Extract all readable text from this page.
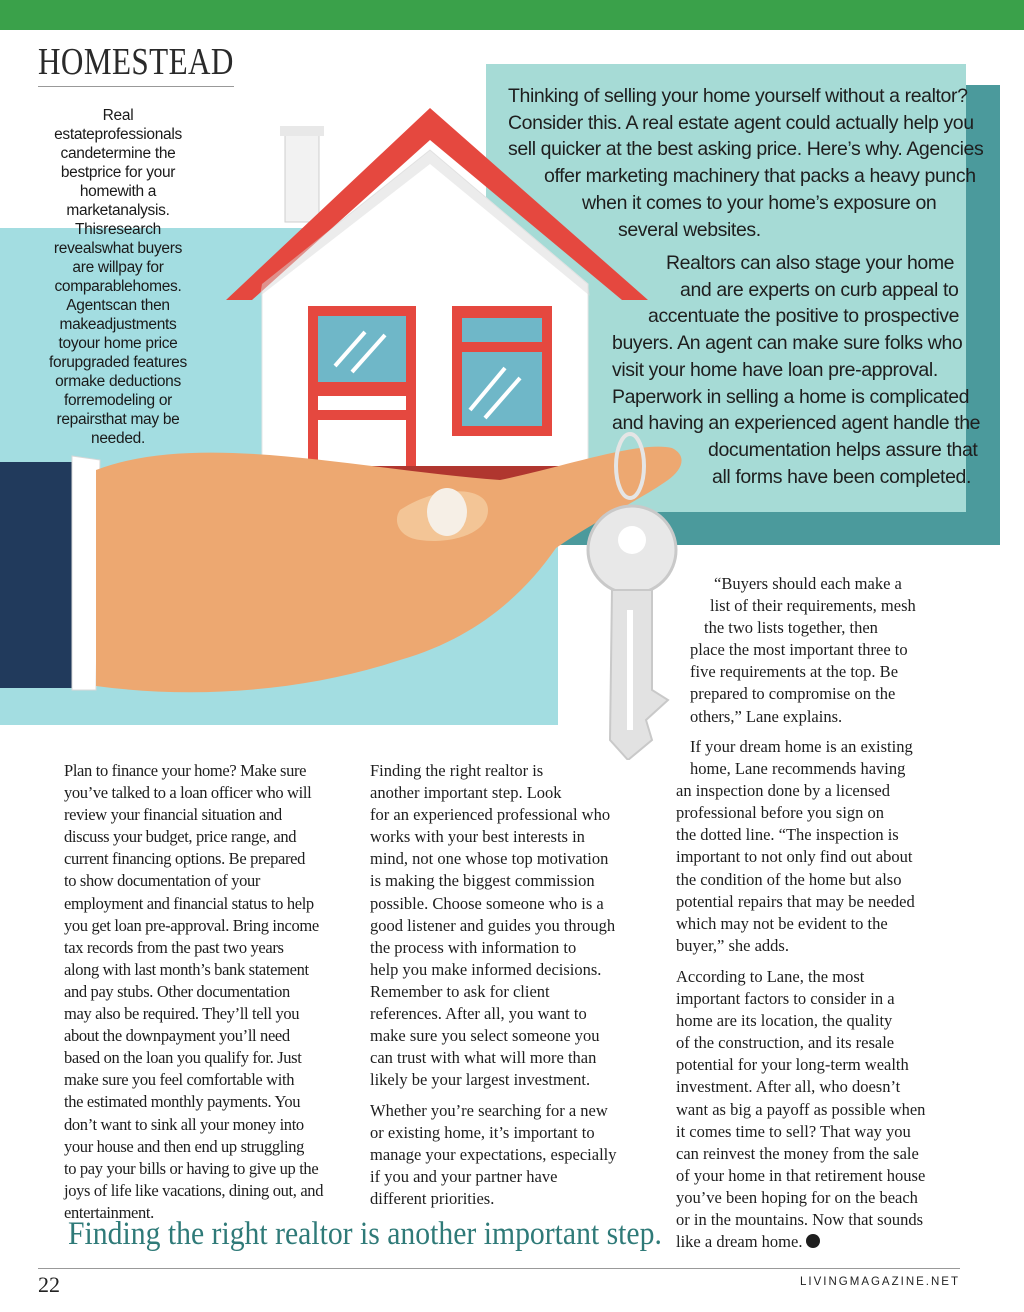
HOMESTEAD
Real estateprofessionals candetermine the bestprice for your homewith a marketanalysis. Thisresearch revealswhat buyers are willpay for comparablehomes. Agentscan then makeadjustments toyour home price forupgraded features ormake deductions forremodeling or repairsthat may be needed.

Thinking of selling your home yourself without a realtor?
Consider this. A real estate agent could actually help you
sell quicker at the best asking price. Here’s why. Agencies
offer marketing machinery that packs a heavy punch
when it comes to your home’s exposure on
several websites.

Realtors can also stage your home
and are experts on curb appeal to
accentuate the positive to prospective
buyers. An agent can make sure folks who
visit your home have loan pre-approval.
Paperwork in selling a home is complicated
and having an experienced agent handle the
documentation helps assure that
all forms have been completed.

Plan to finance your home? Make sure
you’ve talked to a loan officer who will
review your financial situation and
discuss your budget, price range, and
current financing options. Be prepared
to show documentation of your
employment and financial status to help
you get loan pre-approval. Bring income
tax records from the past two years
along with last month’s bank statement
and pay stubs. Other documentation
may also be required. They’ll tell you
about the downpayment you’ll need
based on the loan you qualify for. Just
make sure you feel comfortable with
the estimated monthly payments. You
don’t want to sink all your money into
your house and then end up struggling
to pay your bills or having to give up the
joys of life like vacations, dining out, and
entertainment.
Finding the right realtor is
another important step. Look
for an experienced professional who
works with your best interests in
mind, not one whose top motivation
is making the biggest commission
possible. Choose someone who is a
good listener and guides you through
the process with information to
help you make informed decisions.
Remember to ask for client
references. After all, you want to
make sure you select someone you
can trust with what will more than
likely be your largest investment.
Whether you’re searching for a new
or existing home, it’s important to
manage your expectations, especially
if you and your partner have
different priorities.
“Buyers should each make a
list of their requirements, mesh
the two lists together, then
place the most important three to
five requirements at the top. Be
prepared to compromise on the
others,” Lane explains.
If your dream home is an existing
home, Lane recommends having
an inspection done by a licensed
professional before you sign on
the dotted line. “The inspection is
important to not only find out about
the condition of the home but also
potential repairs that may be needed
which may not be evident to the
buyer,” she adds.
According to Lane, the most
important factors to consider in a
home are its location, the quality
of the construction, and its resale
potential for your long-term wealth
investment. After all, who doesn’t
want as big a payoff as possible when
it comes time to sell? That way you
can reinvest the money from the sale
of your home in that retirement house
you’ve been hoping for on the beach
or in the mountains. Now that sounds
like a dream home.

Finding the right realtor is another important step.

22	LIVINGMAGAZINE.NET
